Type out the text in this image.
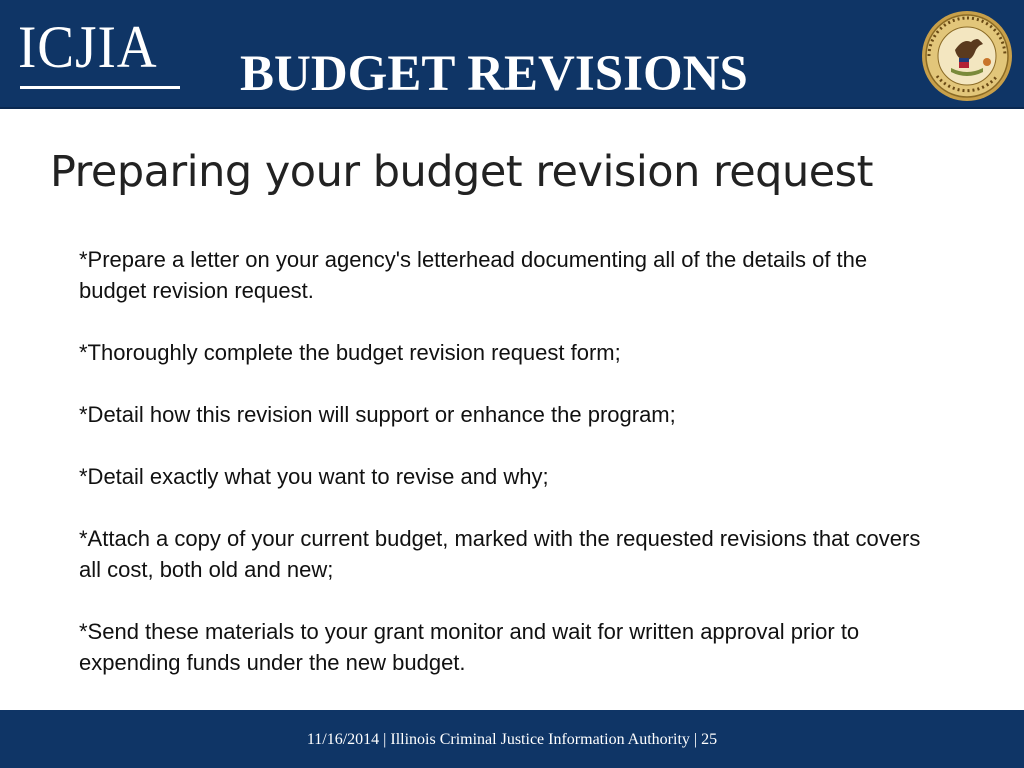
ICJIA BUDGET REVISIONS
Preparing your budget revision request

*Prepare a letter on your agency's letterhead documenting all of the details of the budget revision request.

*Thoroughly complete the budget revision request form;

*Detail how this revision will support or enhance the program;

*Detail exactly what you want to revise and why;

*Attach a copy of your current budget, marked with the requested revisions that covers all cost, both old and new;

*Send these materials to your grant monitor and wait for written approval prior to expending funds under the new budget.

11/16/2014 | Illinois Criminal Justice Information Authority | 25
